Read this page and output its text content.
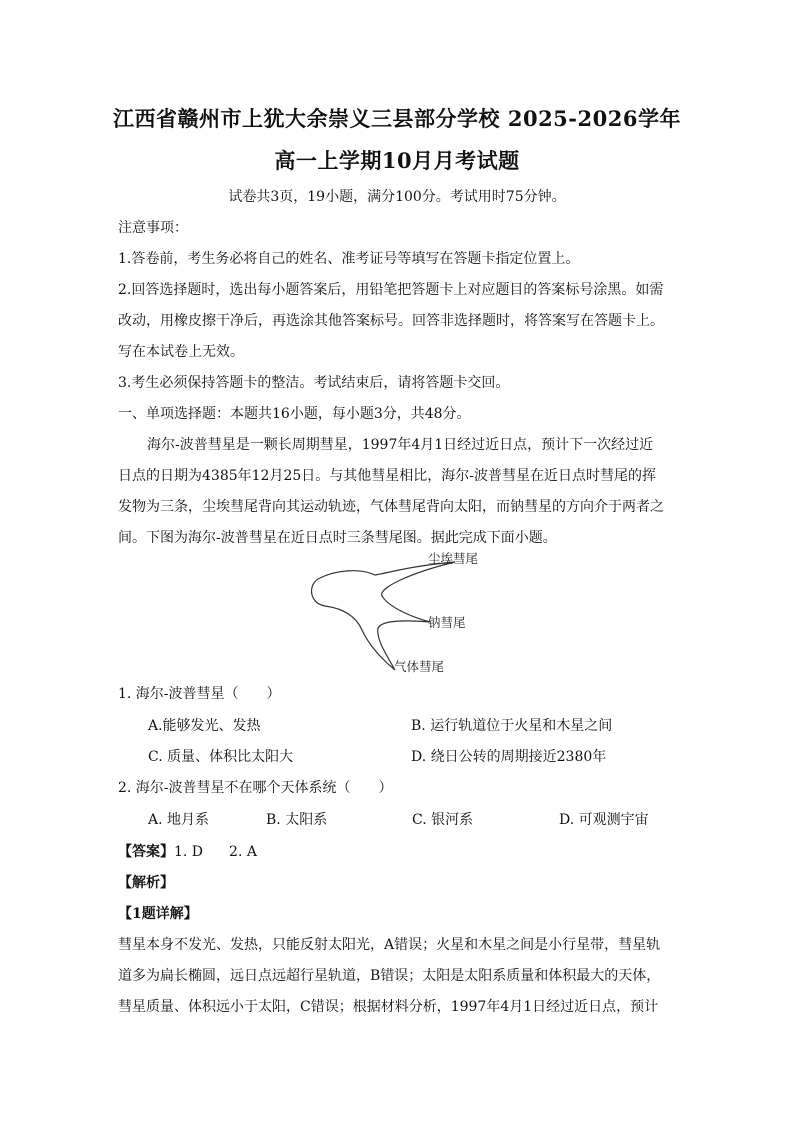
江西省赣州市上犹大余崇义三县部分学校 2025-2026学年
高一上学期10月月考试题
试卷共3页，19小题，满分100分。考试用时75分钟。
注意事项：
1.答卷前，考生务必将自己的姓名、准考证号等填写在答题卡指定位置上。
2.回答选择题时，选出每小题答案后，用铅笔把答题卡上对应题目的答案标号涂黑。如需
改动，用橡皮擦干净后，再选涂其他答案标号。回答非选择题时，将答案写在答题卡上。
写在本试卷上无效。
3.考生必须保持答题卡的整洁。考试结束后，请将答题卡交回。
一、单项选择题：本题共16小题，每小题3分，共48分。
海尔-波普彗星是一颗长周期彗星，1997年4月1日经过近日点，预计下一次经过近
日点的日期为4385年12月25日。与其他彗星相比，海尔-波普彗星在近日点时彗尾的挥
发物为三条，尘埃彗尾背向其运动轨迹，气体彗尾背向太阳，而钠彗星的方向介于两者之
间。下图为海尔-波普彗星在近日点时三条彗尾图。据此完成下面小题。
尘埃彗尾
钠彗尾
气体彗尾
1. 海尔-波普彗星（　　）
A.能够发光、发热	B. 运行轨道位于火星和木星之间
C. 质量、体积比太阳大	D. 绕日公转的周期接近2380年
2. 海尔-波普彗星不在哪个天体系统（　　）
A. 地月系	B. 太阳系	C. 银河系	D. 可观测宇宙
【答案】1. D 2. A
【解析】
【1题详解】
彗星本身不发光、发热，只能反射太阳光，A错误；火星和木星之间是小行星带，彗星轨
道多为扁长椭圆，远日点远超行星轨道，B错误；太阳是太阳系质量和体积最大的天体，
彗星质量、体积远小于太阳，C错误；根据材料分析，1997年4月1日经过近日点，预计
